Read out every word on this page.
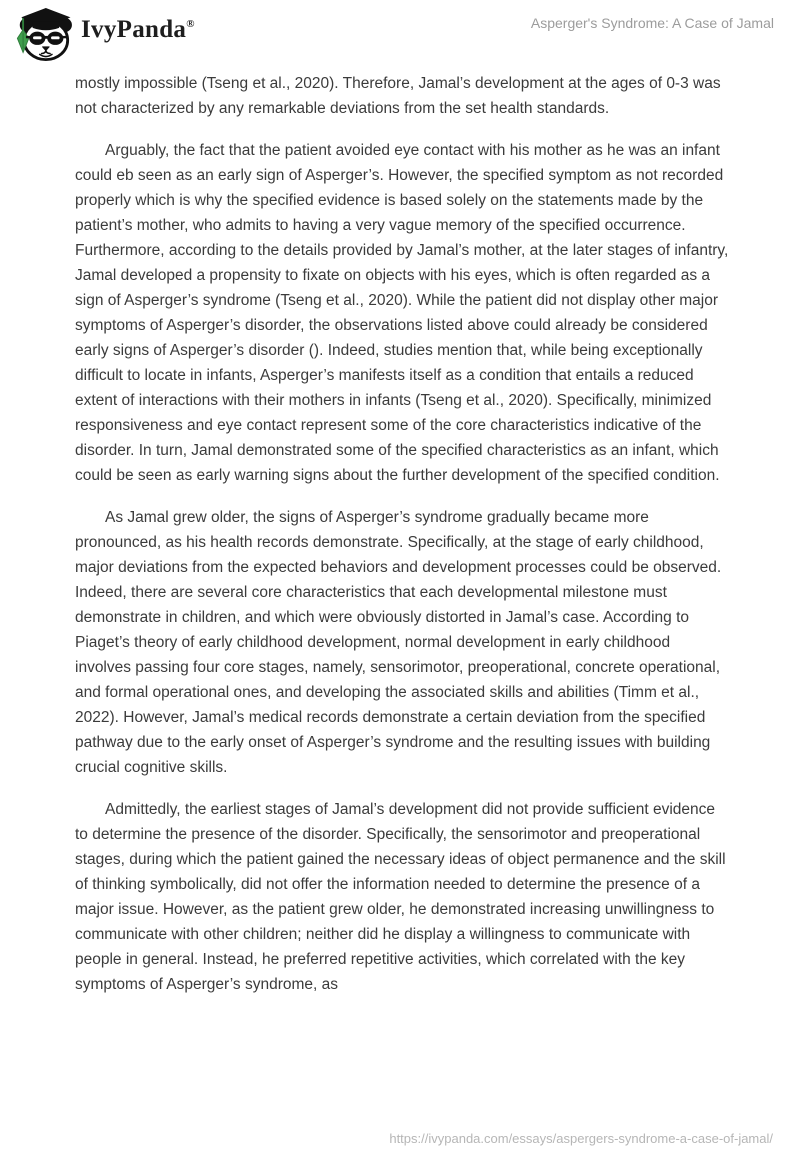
IvyPanda®	Asperger's Syndrome: A Case of Jamal

mostly impossible (Tseng et al., 2020). Therefore, Jamal’s development at the ages of 0-3 was not characterized by any remarkable deviations from the set health standards.

Arguably, the fact that the patient avoided eye contact with his mother as he was an infant could eb seen as an early sign of Asperger’s. However, the specified symptom as not recorded properly which is why the specified evidence is based solely on the statements made by the patient’s mother, who admits to having a very vague memory of the specified occurrence. Furthermore, according to the details provided by Jamal’s mother, at the later stages of infantry, Jamal developed a propensity to fixate on objects with his eyes, which is often regarded as a sign of Asperger’s syndrome (Tseng et al., 2020). While the patient did not display other major symptoms of Asperger’s disorder, the observations listed above could already be considered early signs of Asperger’s disorder (). Indeed, studies mention that, while being exceptionally difficult to locate in infants, Asperger’s manifests itself as a condition that entails a reduced extent of interactions with their mothers in infants (Tseng et al., 2020). Specifically, minimized responsiveness and eye contact represent some of the core characteristics indicative of the disorder. In turn, Jamal demonstrated some of the specified characteristics as an infant, which could be seen as early warning signs about the further development of the specified condition.

As Jamal grew older, the signs of Asperger’s syndrome gradually became more pronounced, as his health records demonstrate. Specifically, at the stage of early childhood, major deviations from the expected behaviors and development processes could be observed. Indeed, there are several core characteristics that each developmental milestone must demonstrate in children, and which were obviously distorted in Jamal’s case. According to Piaget’s theory of early childhood development, normal development in early childhood involves passing four core stages, namely, sensorimotor, preoperational, concrete operational, and formal operational ones, and developing the associated skills and abilities (Timm et al., 2022). However, Jamal’s medical records demonstrate a certain deviation from the specified pathway due to the early onset of Asperger’s syndrome and the resulting issues with building crucial cognitive skills.

Admittedly, the earliest stages of Jamal’s development did not provide sufficient evidence to determine the presence of the disorder. Specifically, the sensorimotor and preoperational stages, during which the patient gained the necessary ideas of object permanence and the skill of thinking symbolically, did not offer the information needed to determine the presence of a major issue. However, as the patient grew older, he demonstrated increasing unwillingness to communicate with other children; neither did he display a willingness to communicate with people in general. Instead, he preferred repetitive activities, which correlated with the key symptoms of Asperger’s syndrome, as

https://ivypanda.com/essays/aspergers-syndrome-a-case-of-jamal/
